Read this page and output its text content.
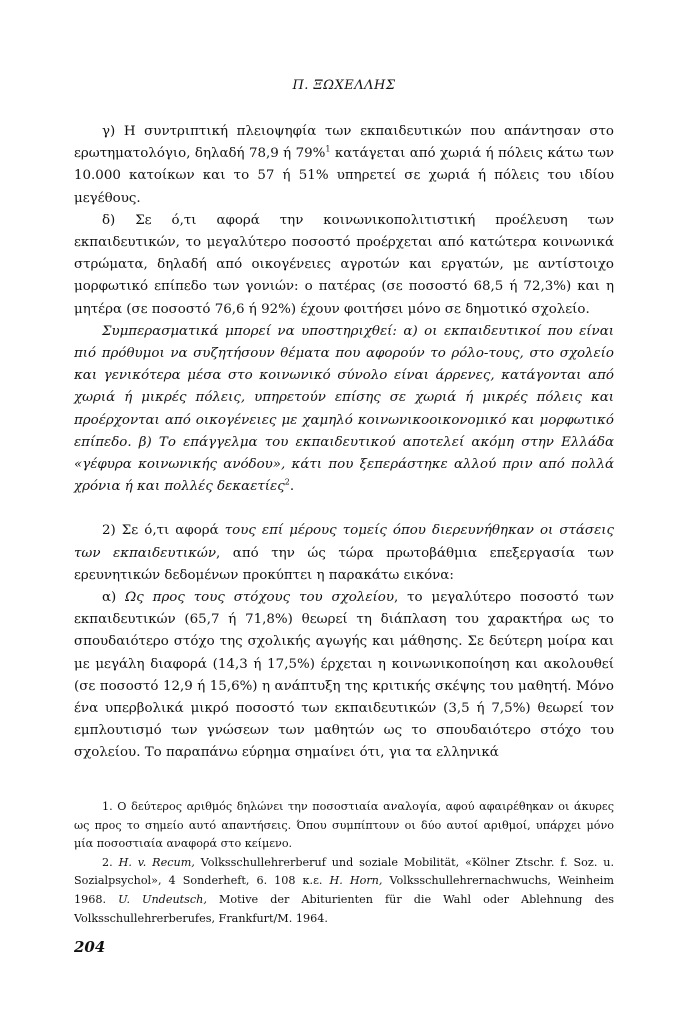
Π. ΞΩΧΕΛΛΗΣ

γ) Η συντριπτική πλειοψηφία των εκπαιδευτικών που απάντησαν στο ερωτηματολόγιο, δηλαδή 78,9 ή 79%$^1$ κατάγεται από χωριά ή πόλεις κάτω των 10.000 κατοίκων και το 57 ή 51% υπηρετεί σε χωριά ή πόλεις του ιδίου μεγέθους.

δ) Σε ό,τι αφορά την κοινωνικοπολιτιστική προέλευση των εκπαιδευτικών, το μεγαλύτερο ποσοστό προέρχεται από κατώτερα κοινωνικά στρώματα, δηλαδή από οικογένειες αγροτών και εργατών, με αντίστοιχο μορφωτικό επίπεδο των γονιών: ο πατέρας (σε ποσοστό 68,5 ή 72,3%) και η μητέρα (σε ποσοστό 76,6 ή 92%) έχουν φοιτήσει μόνο σε δημοτικό σχολείο.

Συμπερασματικά μπορεί να υποστηριχθεί: α) οι εκπαιδευτικοί που είναι πιό πρόθυμοι να συζητήσουν θέματα που αφορούν το ρόλο-τους, στο σχολείο και γενικότερα μέσα στο κοινωνικό σύνολο είναι άρρενες, κατάγονται από χωριά ή μικρές πόλεις, υπηρετούν επίσης σε χωριά ή μικρές πόλεις και προέρχονται από οικογένειες με χαμηλό κοινωνικοοικονομικό και μορφωτικό επίπεδο. β) Το επάγγελμα του εκπαιδευτικού αποτελεί ακόμη στην Ελλάδα «γέφυρα κοινωνικής ανόδου», κάτι που ξεπεράστηκε αλλού πριν από πολλά χρόνια ή και πολλές δεκαετίες$^2$.

2) Σε ό,τι αφορά τους επί μέρους τομείς όπου διερευνήθηκαν οι στάσεις των εκπαιδευτικών, από την ώς τώρα πρωτοβάθμια επεξεργασία των ερευνητικών δεδομένων προκύπτει η παρακάτω εικόνα:

α) Ως προς τους στόχους του σχολείου, το μεγαλύτερο ποσοστό των εκπαιδευτικών (65,7 ή 71,8%) θεωρεί τη διάπλαση του χαρακτήρα ως το σπουδαιότερο στόχο της σχολικής αγωγής και μάθησης. Σε δεύτερη μοίρα και με μεγάλη διαφορά (14,3 ή 17,5%) έρχεται η κοινωνικοποίηση και ακολουθεί (σε ποσοστό 12,9 ή 15,6%) η ανάπτυξη της κριτικής σκέψης του μαθητή. Μόνο ένα υπερβολικά μικρό ποσοστό των εκπαιδευτικών (3,5 ή 7,5%) θεωρεί τον εμπλουτισμό των γνώσεων των μαθητών ως το σπουδαιότερο στόχο του σχολείου. Το παραπάνω εύρημα σημαίνει ότι, για τα ελληνικά

1. Ο δεύτερος αριθμός δηλώνει την ποσοστιαία αναλογία, αφού αφαιρέθηκαν οι άκυρες ως προς το σημείο αυτό απαντήσεις. Όπου συμπίπτουν οι δύο αυτοί αριθμοί, υπάρχει μόνο μία ποσοστιαία αναφορά στο κείμενο.

2. H. v. Recum, Volksschullehrerberuf und soziale Mobilität, «Kölner Ztschr. f. Soz. u. Sozialpsychol», 4 Sonderheft, 6. 108 κ.ε. H. Horn, Volksschullehrernachwuchs, Weinheim 1968. U. Undeutsch, Motive der Abiturienten für die Wahl oder Ablehnung des Volksschullehrerberufes, Frankfurt/M. 1964.

204
